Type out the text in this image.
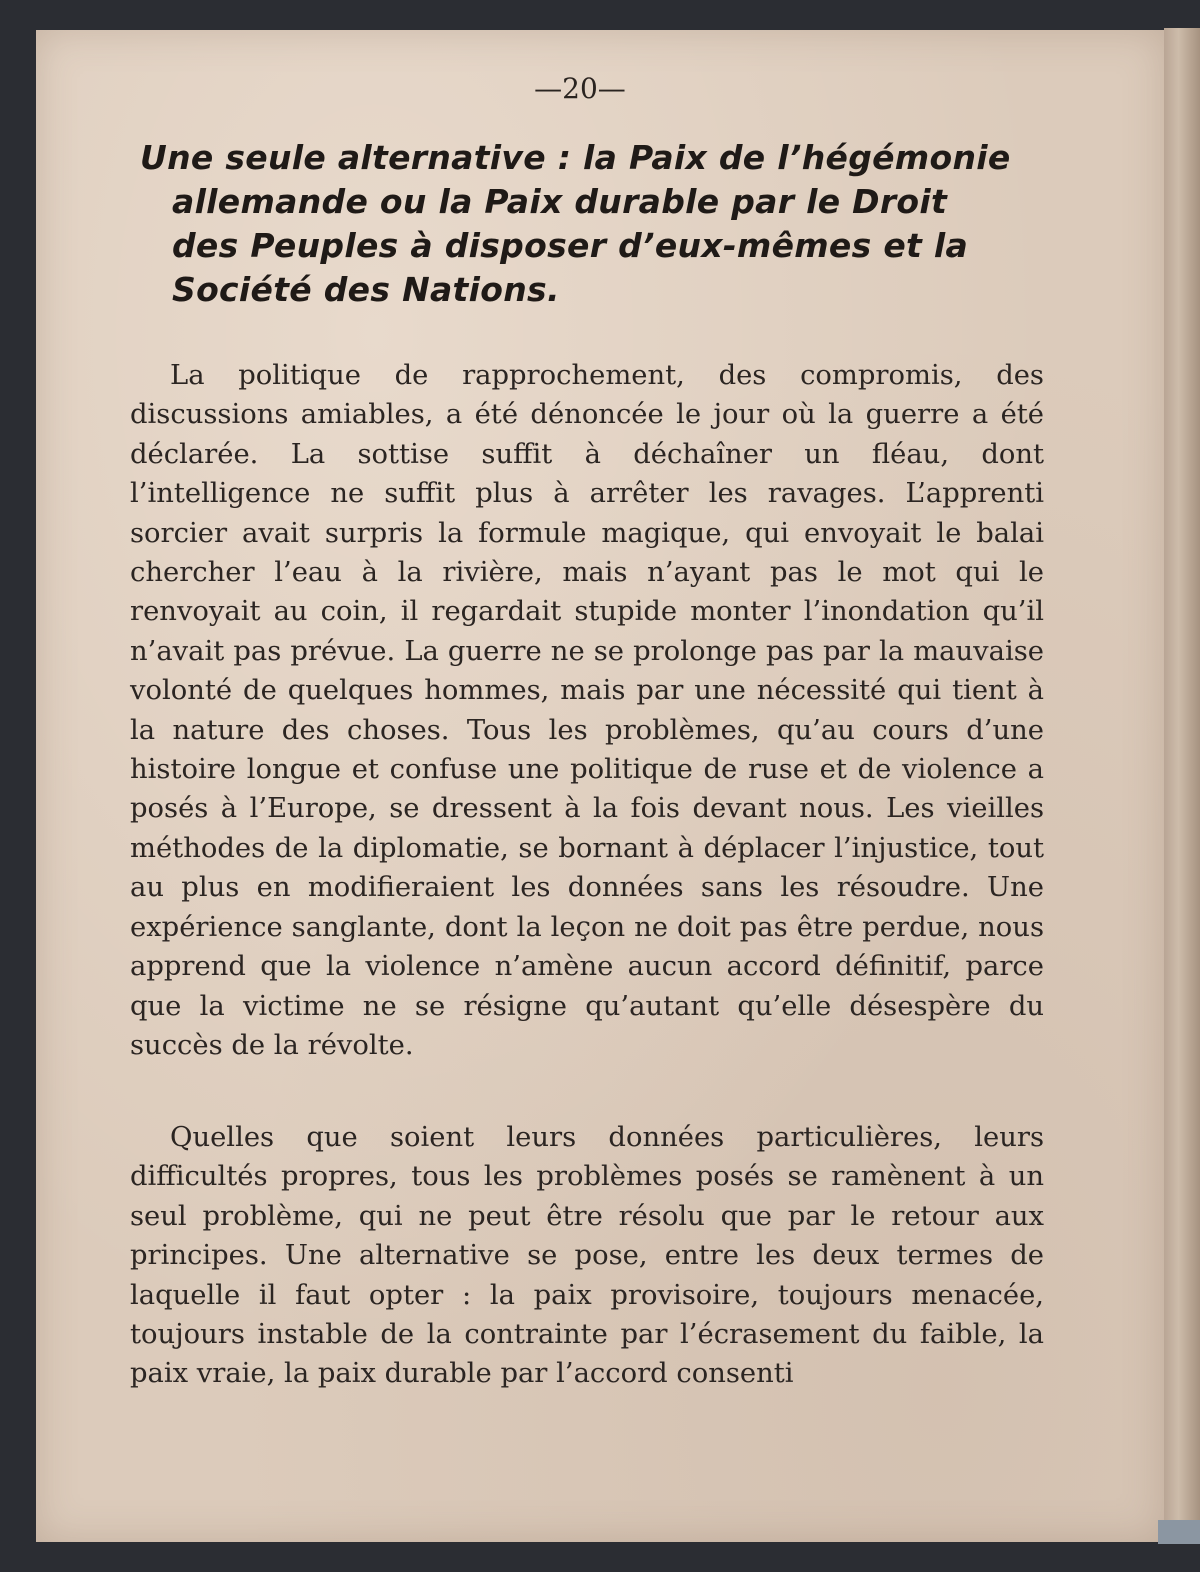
—20—
Une seule alternative : la Paix de l’hégémonie
allemande ou la Paix durable par le Droit
des Peuples à disposer d’eux-mêmes et la
Société des Nations.

La politique de rapprochement, des compromis, des discussions amiables, a été dénoncée le jour où la guerre a été déclarée. La sottise suffit à déchaîner un fléau, dont l’intelligence ne suffit plus à arrêter les ravages. L’apprenti sorcier avait surpris la formule magique, qui envoyait le balai chercher l’eau à la rivière, mais n’ayant pas le mot qui le renvoyait au coin, il regardait stupide monter l’inondation qu’il n’avait pas prévue. La guerre ne se prolonge pas par la mauvaise volonté de quelques hommes, mais par une nécessité qui tient à la nature des choses. Tous les problèmes, qu’au cours d’une histoire longue et confuse une politique de ruse et de violence a posés à l’Europe, se dressent à la fois devant nous. Les vieilles méthodes de la diplomatie, se bornant à déplacer l’injustice, tout au plus en modifieraient les données sans les résoudre. Une expérience sanglante, dont la leçon ne doit pas être perdue, nous apprend que la violence n’amène aucun accord définitif, parce que la victime ne se résigne qu’autant qu’elle désespère du succès de la révolte.

Quelles que soient leurs données particulières, leurs difficultés propres, tous les problèmes posés se ramènent à un seul problème, qui ne peut être résolu que par le retour aux principes. Une alternative se pose, entre les deux termes de laquelle il faut opter : la paix provisoire, toujours menacée, toujours instable de la contrainte par l’écrasement du faible, la paix vraie, la paix durable par l’accord consenti
